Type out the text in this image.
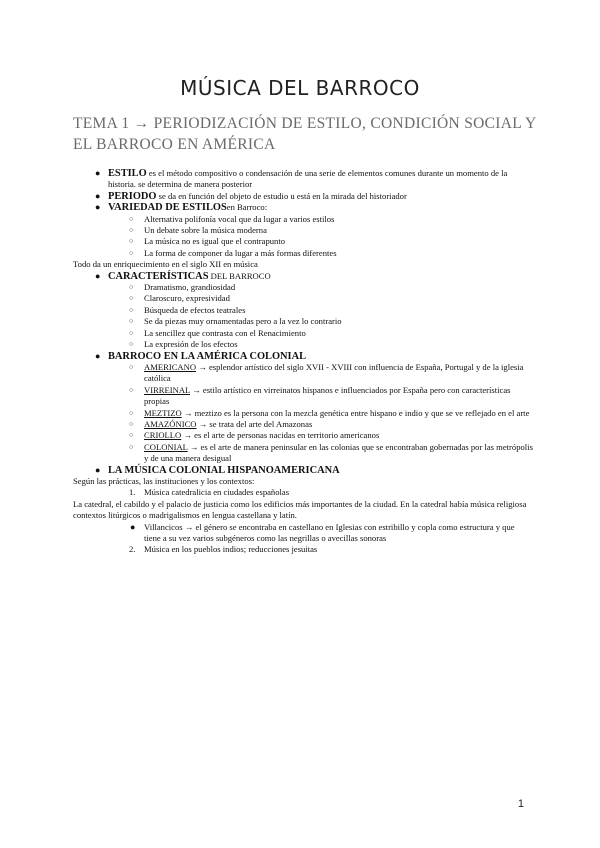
MÚSICA DEL BARROCO
TEMA 1 → PERIODIZACIÓN DE ESTILO, CONDICIÓN SOCIAL Y EL BARROCO EN AMÉRICA
● ESTILO es el método compositivo o condensación de una serie de elementos comunes durante un momento de la historia. se determina de manera posterior
● PERIODO se da en función del objeto de estudio u está en la mirada del historiador
● VARIEDAD DE ESTILOSen Barroco:
○ Alternativa polifonía vocal que da lugar a varios estilos
○ Un debate sobre la música moderna
○ La música no es igual que el contrapunto
○ La forma de componer da lugar a más formas diferentes
Todo da un enriquecimiento en el siglo XII en música
● CARACTERÍSTICAS DEL BARROCO
○ Dramatismo, grandiosidad
○ Claroscuro, expresividad
○ Búsqueda de efectos teatrales
○ Se da piezas muy ornamentadas pero a la vez lo contrario
○ La sencillez que contrasta con el Renacimiento
○ La expresión de los efectos
● BARROCO EN LA AMÉRICA COLONIAL
○ AMERICANO → esplendor artístico del siglo XVII - XVIII con influencia de España, Portugal y de la iglesia católica
○ VIRREINAL → estilo artístico en virreinatos hispanos e influenciados por España pero con características propias
○ MEZTIZO → meztizo es la persona con la mezcla genética entre hispano e indio y que se ve reflejado en el arte
○ AMAZÓNICO → se trata del arte del Amazonas
○ CRIOLLO → es el arte de personas nacidas en territorio americanos
○ COLONIAL → es el arte de manera peninsular en las colonias que se encontraban gobernadas por las metrópolis y de una manera desigual
● LA MÚSICA COLONIAL HISPANOAMERICANA
Según las prácticas, las instituciones y los contextos:
1. Música catedralicia en ciudades españolas
La catedral, el cabildo y el palacio de justicia como los edificios más importantes de la ciudad. En la catedral había música religiosa contextos litúrgicos o madrigalismos en lengua castellana y latín.
● Villancicos → el género se encontraba en castellano en Iglesias con estribillo y copla como estructura y que tiene a su vez varios subgéneros como las negrillas o avecillas sonoras
2. Música en los pueblos indios; reducciones jesuitas
1
